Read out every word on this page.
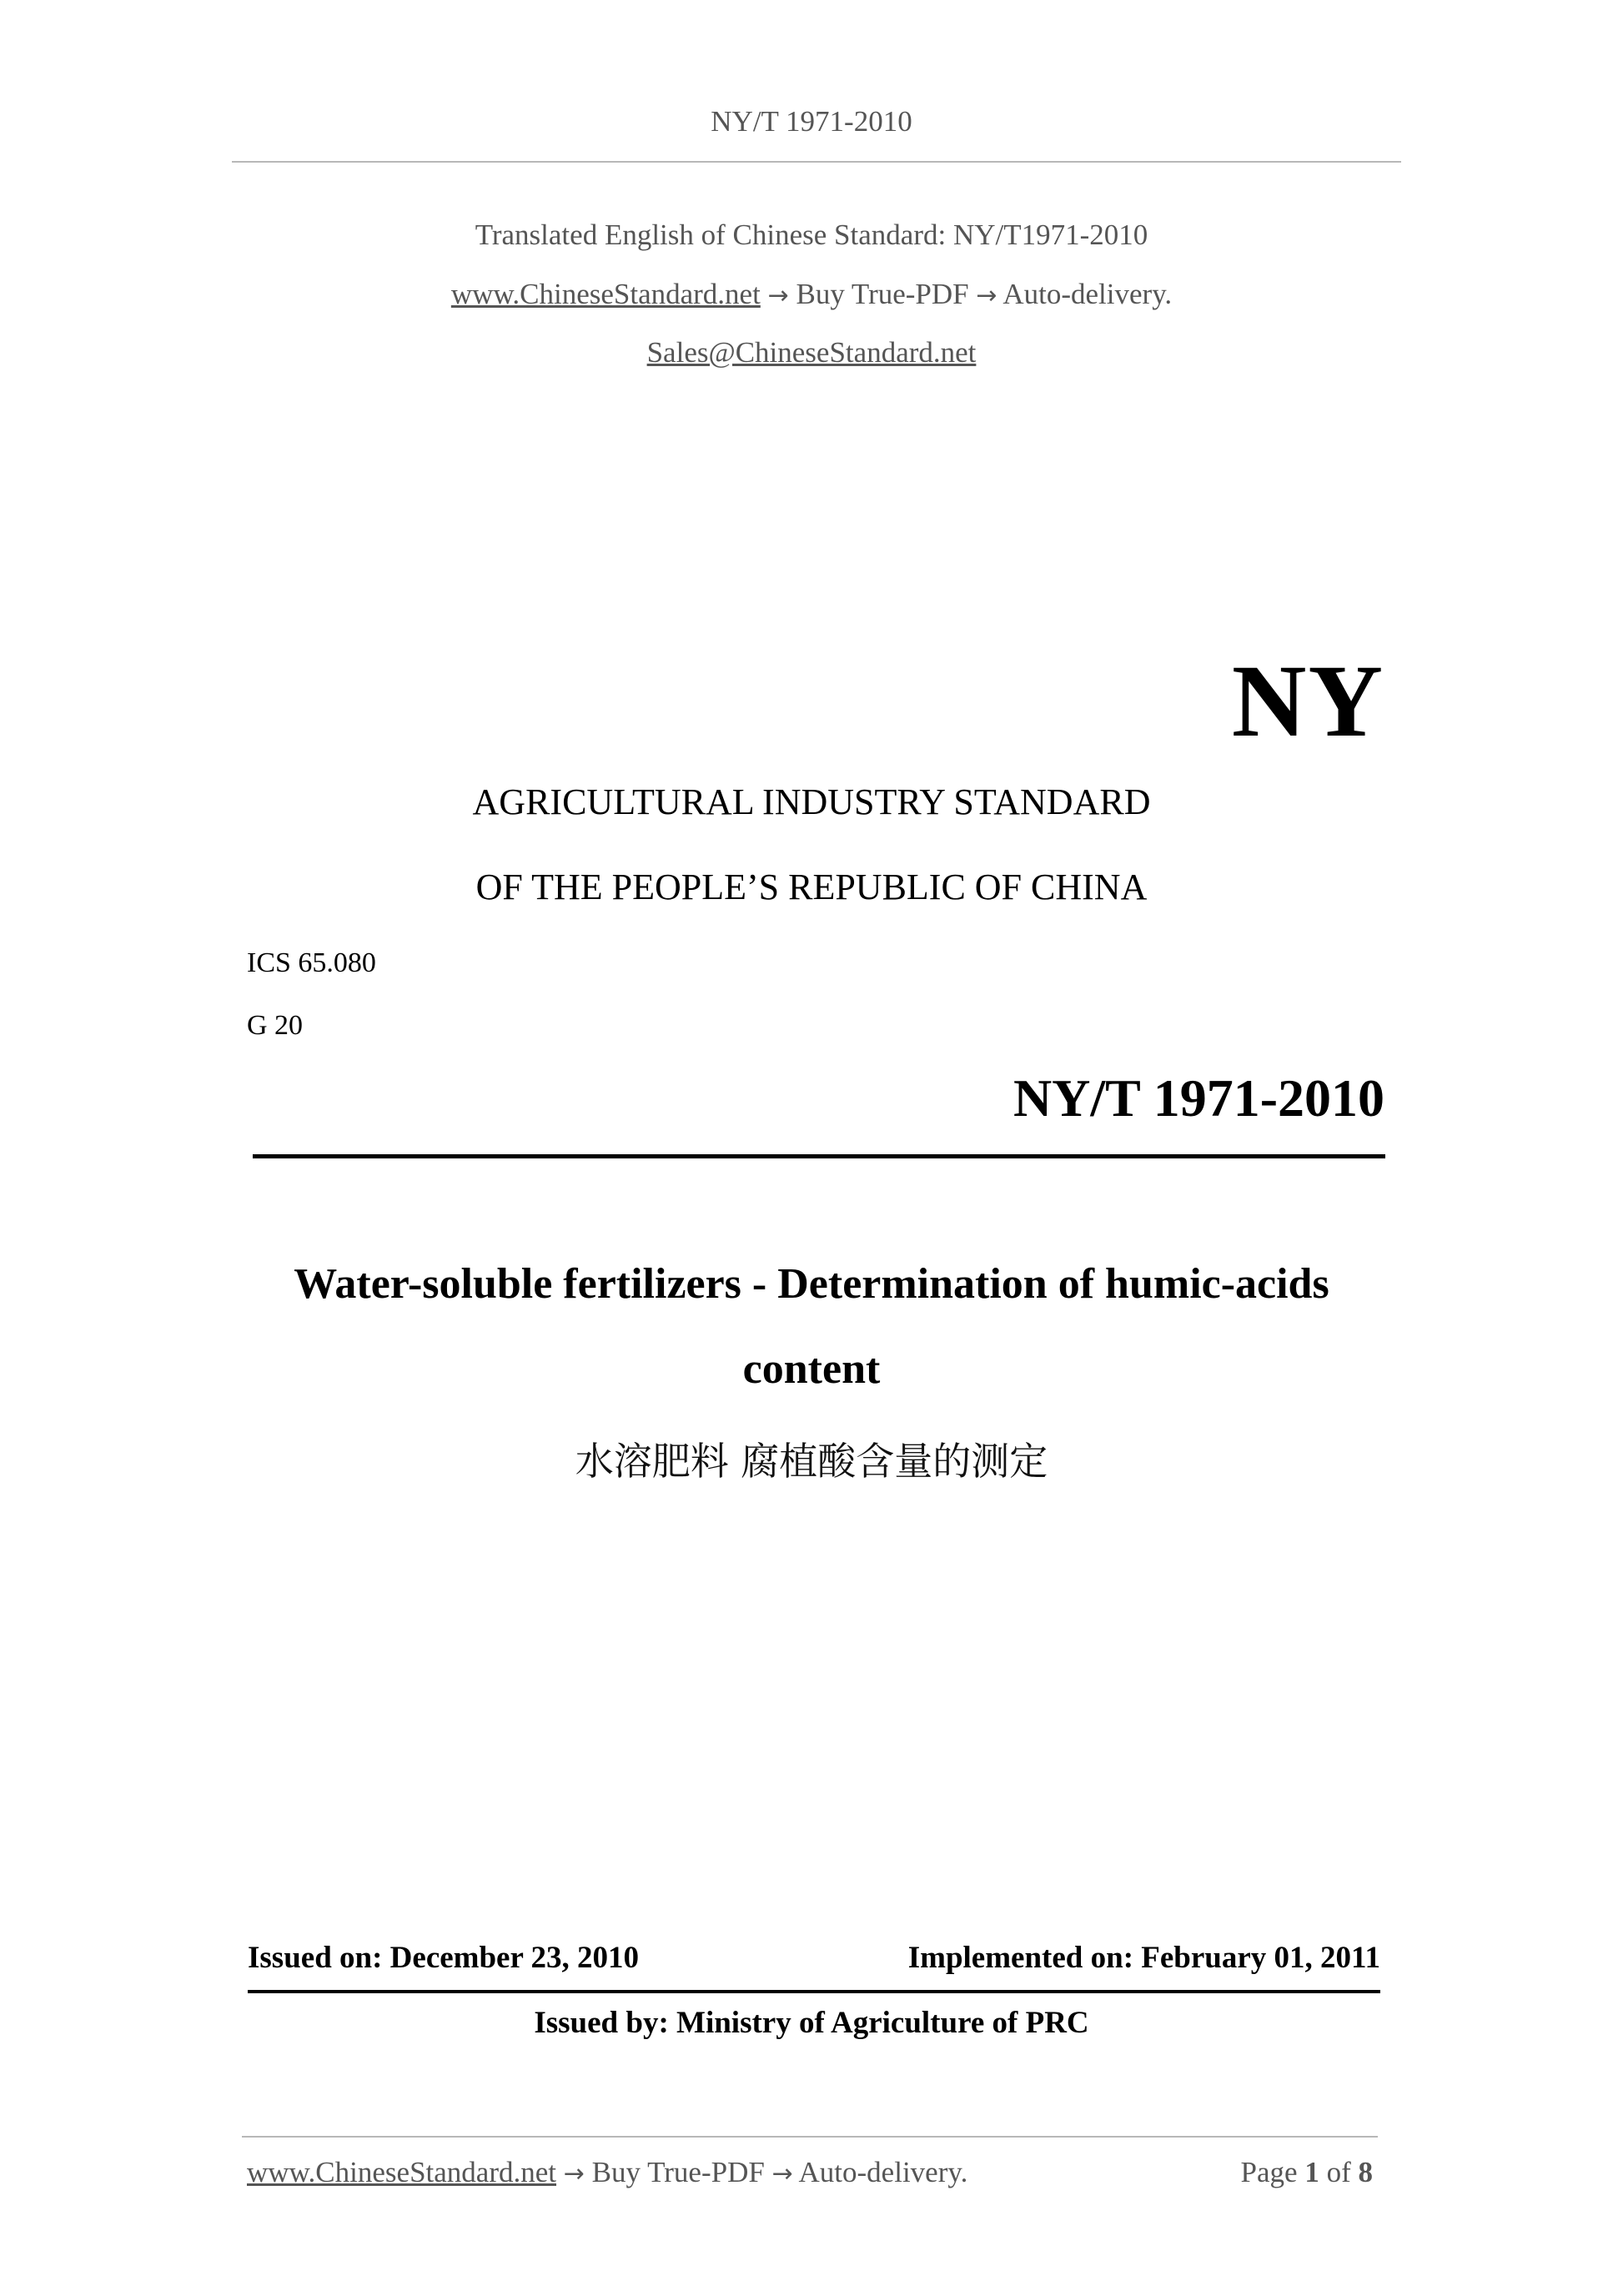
NY/T 1971-2010
Translated English of Chinese Standard: NY/T1971-2010
www.ChineseStandard.net → Buy True-PDF → Auto-delivery.
Sales@ChineseStandard.net
NY
AGRICULTURAL INDUSTRY STANDARD
OF THE PEOPLE’S REPUBLIC OF CHINA
ICS 65.080
G 20
NY/T 1971-2010
Water-soluble fertilizers - Determination of humic-acids
content
水溶肥料 腐植酸含量的测定
Issued on: December 23, 2010	Implemented on: February 01, 2011
Issued by: Ministry of Agriculture of PRC
www.ChineseStandard.net → Buy True-PDF → Auto-delivery.	Page 1 of 8
